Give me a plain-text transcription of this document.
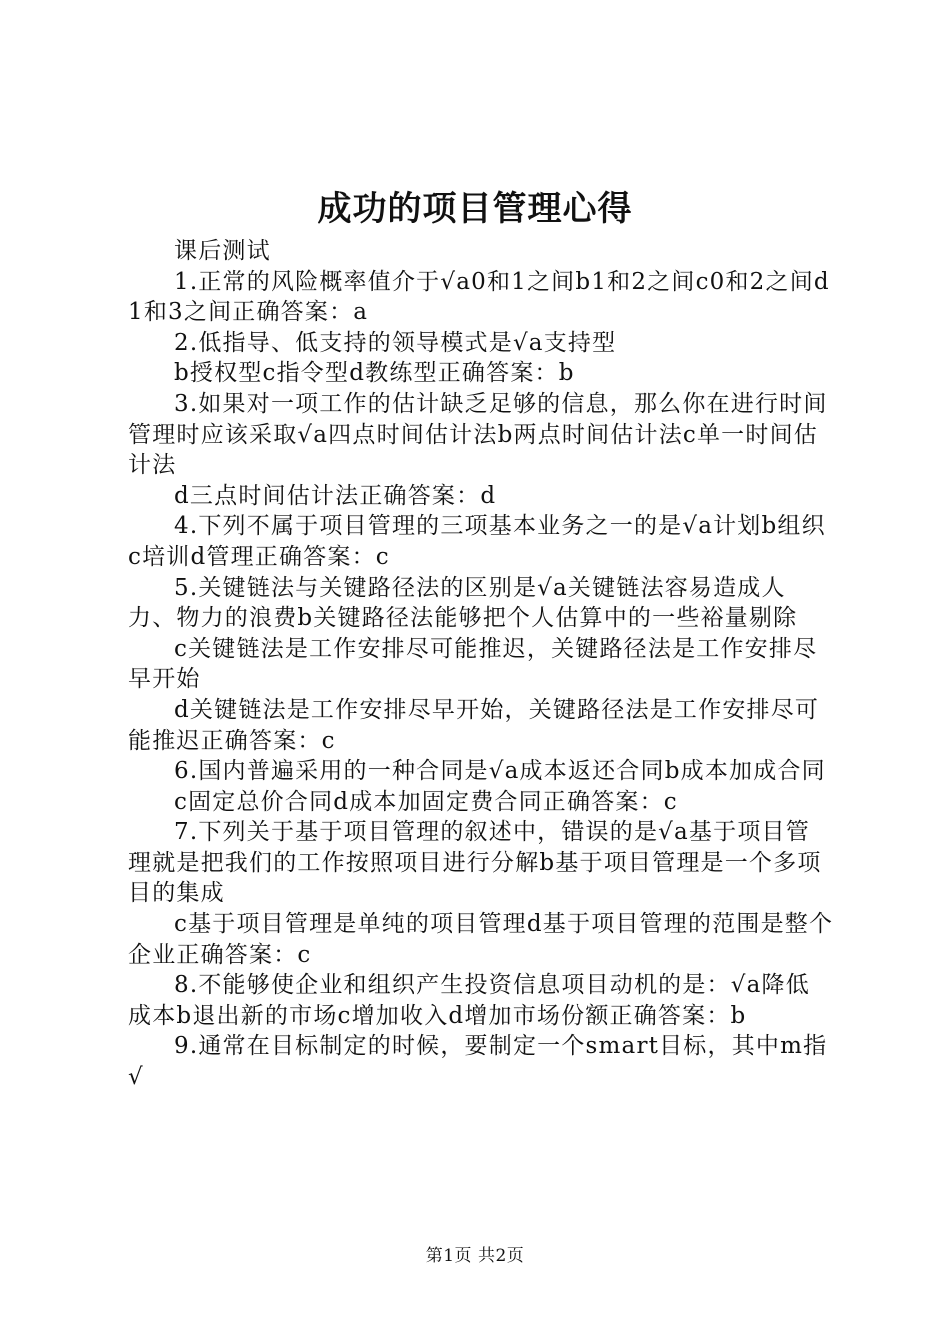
成功的项目管理心得

课后测试

1.正常的风险概率值介于√a0和1之间b1和2之间c0和2之间d1和3之间正确答案：a

2.低指导、低支持的领导模式是√a支持型

b授权型c指令型d教练型正确答案：b

3.如果对一项工作的估计缺乏足够的信息，那么你在进行时间管理时应该采取√a四点时间估计法b两点时间估计法c单一时间估计法

d三点时间估计法正确答案：d

4.下列不属于项目管理的三项基本业务之一的是√a计划b组织c培训d管理正确答案：c

5.关键链法与关键路径法的区别是√a关键链法容易造成人力、物力的浪费b关键路径法能够把个人估算中的一些裕量剔除

c关键链法是工作安排尽可能推迟，关键路径法是工作安排尽早开始

d关键链法是工作安排尽早开始，关键路径法是工作安排尽可能推迟正确答案：c

6.国内普遍采用的一种合同是√a成本返还合同b成本加成合同

c固定总价合同d成本加固定费合同正确答案：c

7.下列关于基于项目管理的叙述中，错误的是√a基于项目管理就是把我们的工作按照项目进行分解b基于项目管理是一个多项目的集成

c基于项目管理是单纯的项目管理d基于项目管理的范围是整个企业正确答案：c

8.不能够使企业和组织产生投资信息项目动机的是：√a降低成本b退出新的市场c增加收入d增加市场份额正确答案：b

9.通常在目标制定的时候，要制定一个smart目标，其中m指√

第1页 共2页
